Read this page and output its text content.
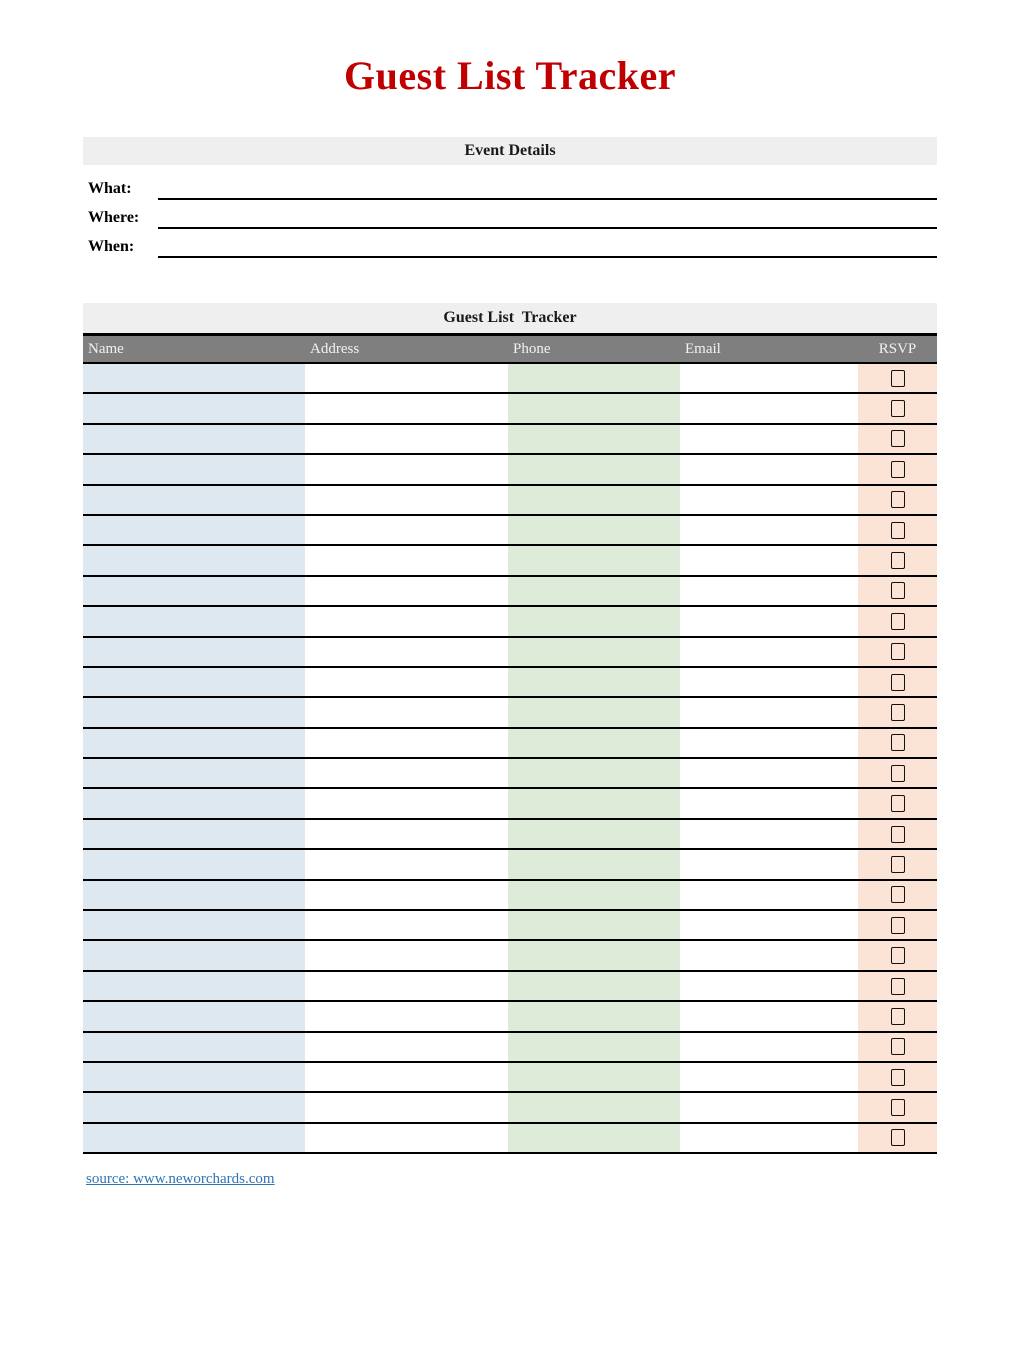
Guest List Tracker
Event Details
What:
Where:
When:
Guest List  Tracker
Name	Address	Phone	Email	RSVP
source: www.neworchards.com
